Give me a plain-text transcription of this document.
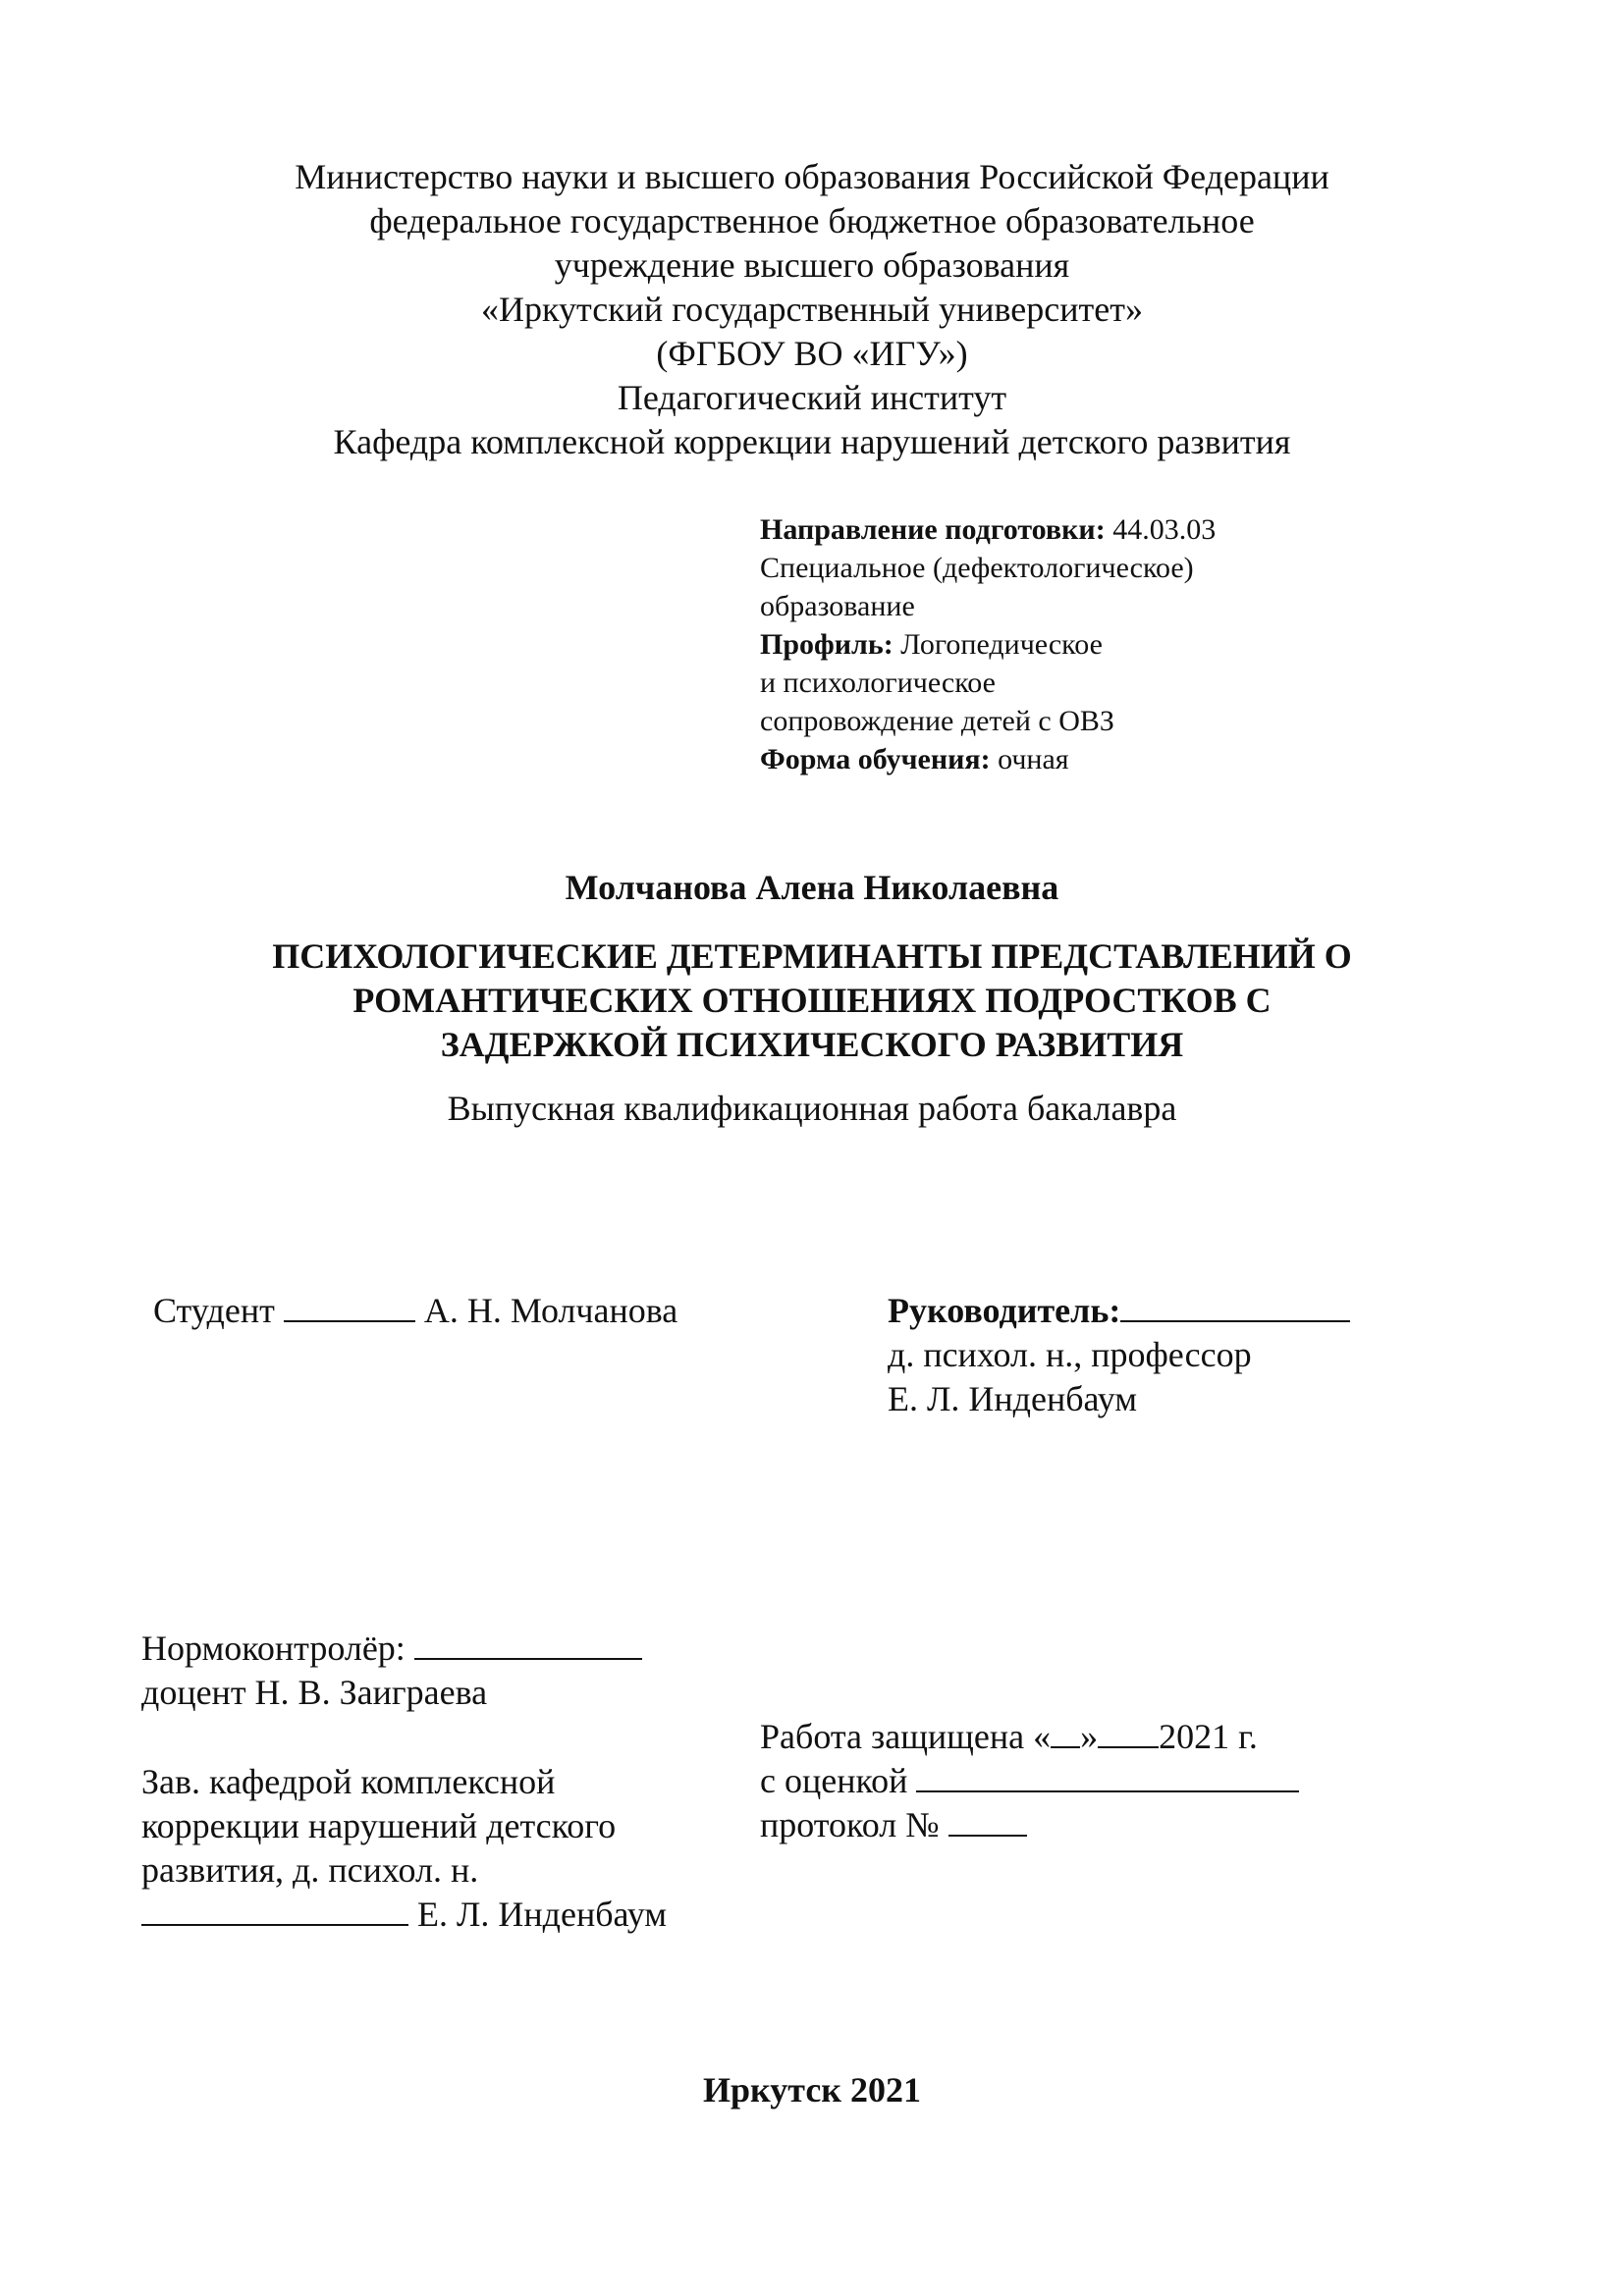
Министерство науки и высшего образования Российской Федерации
федеральное государственное бюджетное образовательное
учреждение высшего образования
«Иркутский государственный университет»
(ФГБОУ ВО «ИГУ»)
Педагогический институт
Кафедра комплексной коррекции нарушений детского развития
Направление подготовки: 44.03.03
Специальное (дефектологическое)
образование
Профиль: Логопедическое
и психологическое
сопровождение детей с ОВЗ
Форма обучения: очная
Молчанова Алена Николаевна
ПСИХОЛОГИЧЕСКИЕ ДЕТЕРМИНАНТЫ ПРЕДСТАВЛЕНИЙ О
РОМАНТИЧЕСКИХ ОТНОШЕНИЯХ ПОДРОСТКОВ С
ЗАДЕРЖКОЙ ПСИХИЧЕСКОГО РАЗВИТИЯ
Выпускная квалификационная работа бакалавра
Студент	А. Н. Молчанова	Руководитель:
д. психол. н., профессор
Е. Л. Инденбаум
Нормоконтролёр:
доцент Н. В. Заиграева
Работа защищена « » 2021 г.
с оценкой
протокол №
Зав. кафедрой комплексной
коррекции нарушений детского
развития, д. психол. н.
Е. Л. Инденбаум
Иркутск 2021
